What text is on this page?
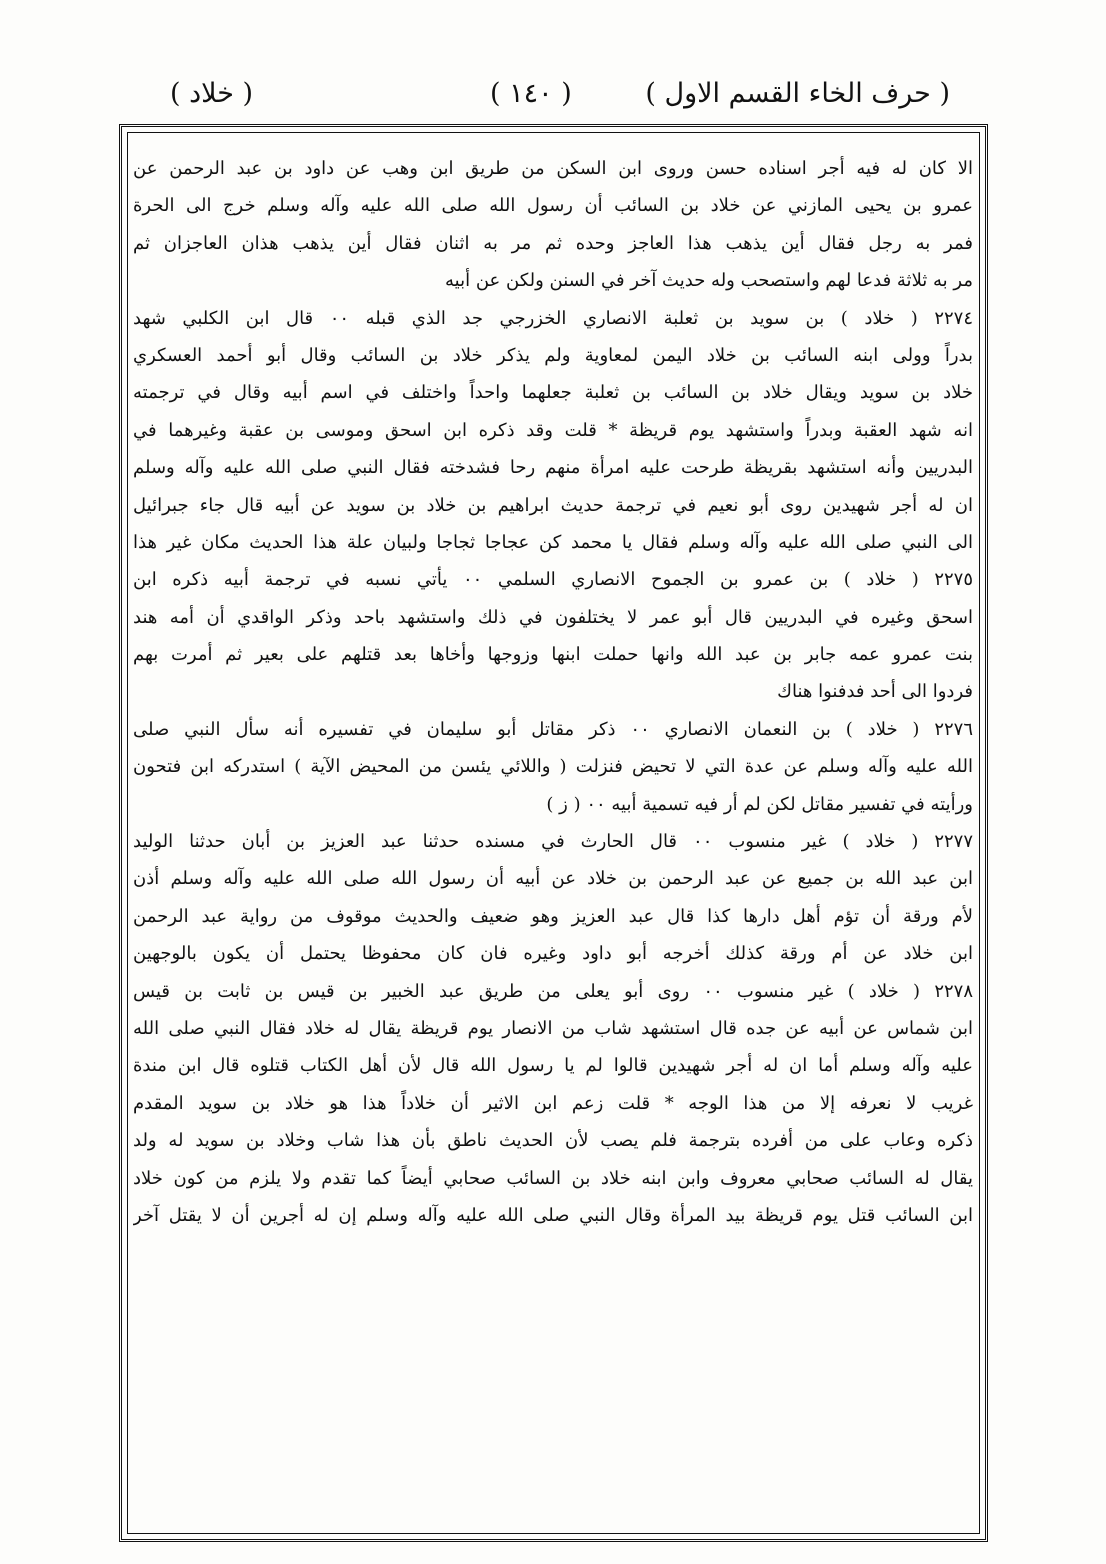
( حرف الخاء القسم الاول )
( ١٤٠ )
( خلاد )
الا كان له فيه أجر اسناده حسن وروى ابن السكن من طريق ابن وهب عن داود بن عبد الرحمن عن
عمرو بن يحيى المازني عن خلاد بن السائب أن رسول الله صلى الله عليه وآله وسلم خرج الى الحرة
فمر به رجل فقال أين يذهب هذا العاجز وحده ثم مر به اثنان فقال أين يذهب هذان العاجزان ثم
مر به ثلاثة فدعا لهم واستصحب وله حديث آخر في السنن ولكن عن أبيه
٢٢٧٤ ( خلاد ) بن سويد بن ثعلبة الانصاري الخزرجي جد الذي قبله ٠٠ قال ابن الكلبي شهد
بدراً وولى ابنه السائب بن خلاد اليمن لمعاوية ولم يذكر خلاد بن السائب وقال أبو أحمد العسكري
خلاد بن سويد ويقال خلاد بن السائب بن ثعلبة جعلهما واحداً واختلف في اسم أبيه وقال في ترجمته
انه شهد العقبة وبدراً واستشهد يوم قريظة * قلت وقد ذكره ابن اسحق وموسى بن عقبة وغيرهما في
البدريين وأنه استشهد بقريظة طرحت عليه امرأة منهم رحا فشدخته فقال النبي صلى الله عليه وآله وسلم
ان له أجر شهيدين روى أبو نعيم في ترجمة حديث ابراهيم بن خلاد بن سويد عن أبيه قال جاء جبرائيل
الى النبي صلى الله عليه وآله وسلم فقال يا محمد كن عجاجا ثجاجا ولبيان علة هذا الحديث مكان غير هذا
٢٢٧٥ ( خلاد ) بن عمرو بن الجموح الانصاري السلمي ٠٠ يأتي نسبه في ترجمة أبيه ذكره ابن
اسحق وغيره في البدريين قال أبو عمر لا يختلفون في ذلك واستشهد باحد وذكر الواقدي أن أمه هند
بنت عمرو عمه جابر بن عبد الله وانها حملت ابنها وزوجها وأخاها بعد قتلهم على بعير ثم أمرت بهم
فردوا الى أحد فدفنوا هناك
٢٢٧٦ ( خلاد ) بن النعمان الانصاري ٠٠ ذكر مقاتل أبو سليمان في تفسيره أنه سأل النبي صلى
الله عليه وآله وسلم عن عدة التي لا تحيض فنزلت ( واللائي يئسن من المحيض الآية ) استدركه ابن فتحون
ورأيته في تفسير مقاتل لكن لم أر فيه تسمية أبيه ٠٠ ( ز )
٢٢٧٧ ( خلاد ) غير منسوب ٠٠ قال الحارث في مسنده حدثنا عبد العزيز بن أبان حدثنا الوليد
ابن عبد الله بن جميع عن عبد الرحمن بن خلاد عن أبيه أن رسول الله صلى الله عليه وآله وسلم أذن
لأم ورقة أن تؤم أهل دارها كذا قال عبد العزيز وهو ضعيف والحديث موقوف من رواية عبد الرحمن
ابن خلاد عن أم ورقة كذلك أخرجه أبو داود وغيره فان كان محفوظا يحتمل أن يكون بالوجهين
٢٢٧٨ ( خلاد ) غير منسوب ٠٠ روى أبو يعلى من طريق عبد الخبير بن قيس بن ثابت بن قيس
ابن شماس عن أبيه عن جده قال استشهد شاب من الانصار يوم قريظة يقال له خلاد فقال النبي صلى الله
عليه وآله وسلم أما ان له أجر شهيدين قالوا لم يا رسول الله قال لأن أهل الكتاب قتلوه قال ابن مندة
غريب لا نعرفه إلا من هذا الوجه * قلت زعم ابن الاثير أن خلاداً هذا هو خلاد بن سويد المقدم
ذكره وعاب على من أفرده بترجمة فلم يصب لأن الحديث ناطق بأن هذا شاب وخلاد بن سويد له ولد
يقال له السائب صحابي معروف وابن ابنه خلاد بن السائب صحابي أيضاً كما تقدم ولا يلزم من كون خلاد
ابن السائب قتل يوم قريظة بيد المرأة وقال النبي صلى الله عليه وآله وسلم إن له أجرين أن لا يقتل آخر
